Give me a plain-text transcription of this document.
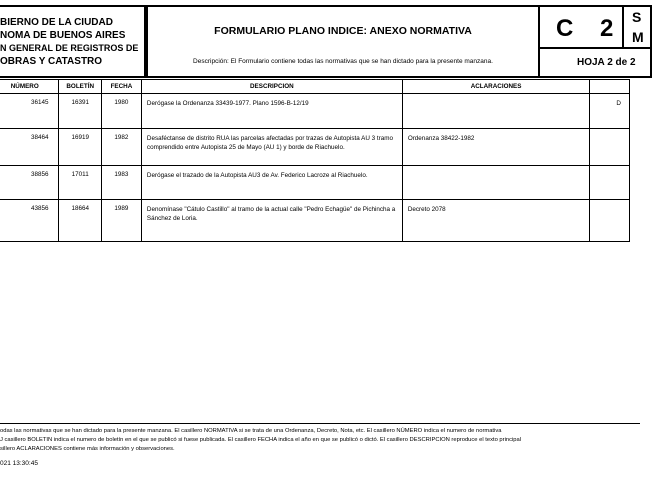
BIERNO DE LA CIUDAD
NOMA DE BUENOS AIRES
N GENERAL DE REGISTROS DE
OBRAS Y CATASTRO
FORMULARIO PLANO INDICE: ANEXO NORMATIVA
Descripción: El Formulario contiene todas las normativas que se han dictado para la presente manzana.
C 2 S
M
HOJA 2 de 2
NÚMERO	BOLETÍN	FECHA	DESCRIPCION	ACLARACIONES	
36145	16391	1980	Derógase la Ordenanza 33439-1977. Plano 1596-B-12/19		D
38464	16919	1982	Desaféctanse de distrito RUA las parcelas afectadas por trazas de Autopista AU 3 tramo comprendido entre Autopista 25 de Mayo (AU 1) y borde de Riachuelo.	Ordenanza 38422-1982	
38856	17011	1983	Derógase el trazado de la Autopista AU3 de Av. Federico Lacroze al Riachuelo.		
43856	18664	1989	Denomínase "Cátulo Castillo" al tramo de la actual calle "Pedro Echagüe" de Pichincha a Sánchez de Loria.	Decreto 2078	
odas las normativas que se han dictado para la presente manzana. El casillero NORMATIVA si se trata de una Ordenanza, Decreto, Nota, etc. El casillero NÚMERO indica el numero de normativa
J casillero BOLETIN indica el numero de boletín en el que se publicó si fuese publicada. El casillero FECHA indica el año en que se publicó o dictó. El casillero DESCRIPCION reproduce el texto principal
sillero ACLARACIONES contiene más información y observaciones.
021 13:30:45
